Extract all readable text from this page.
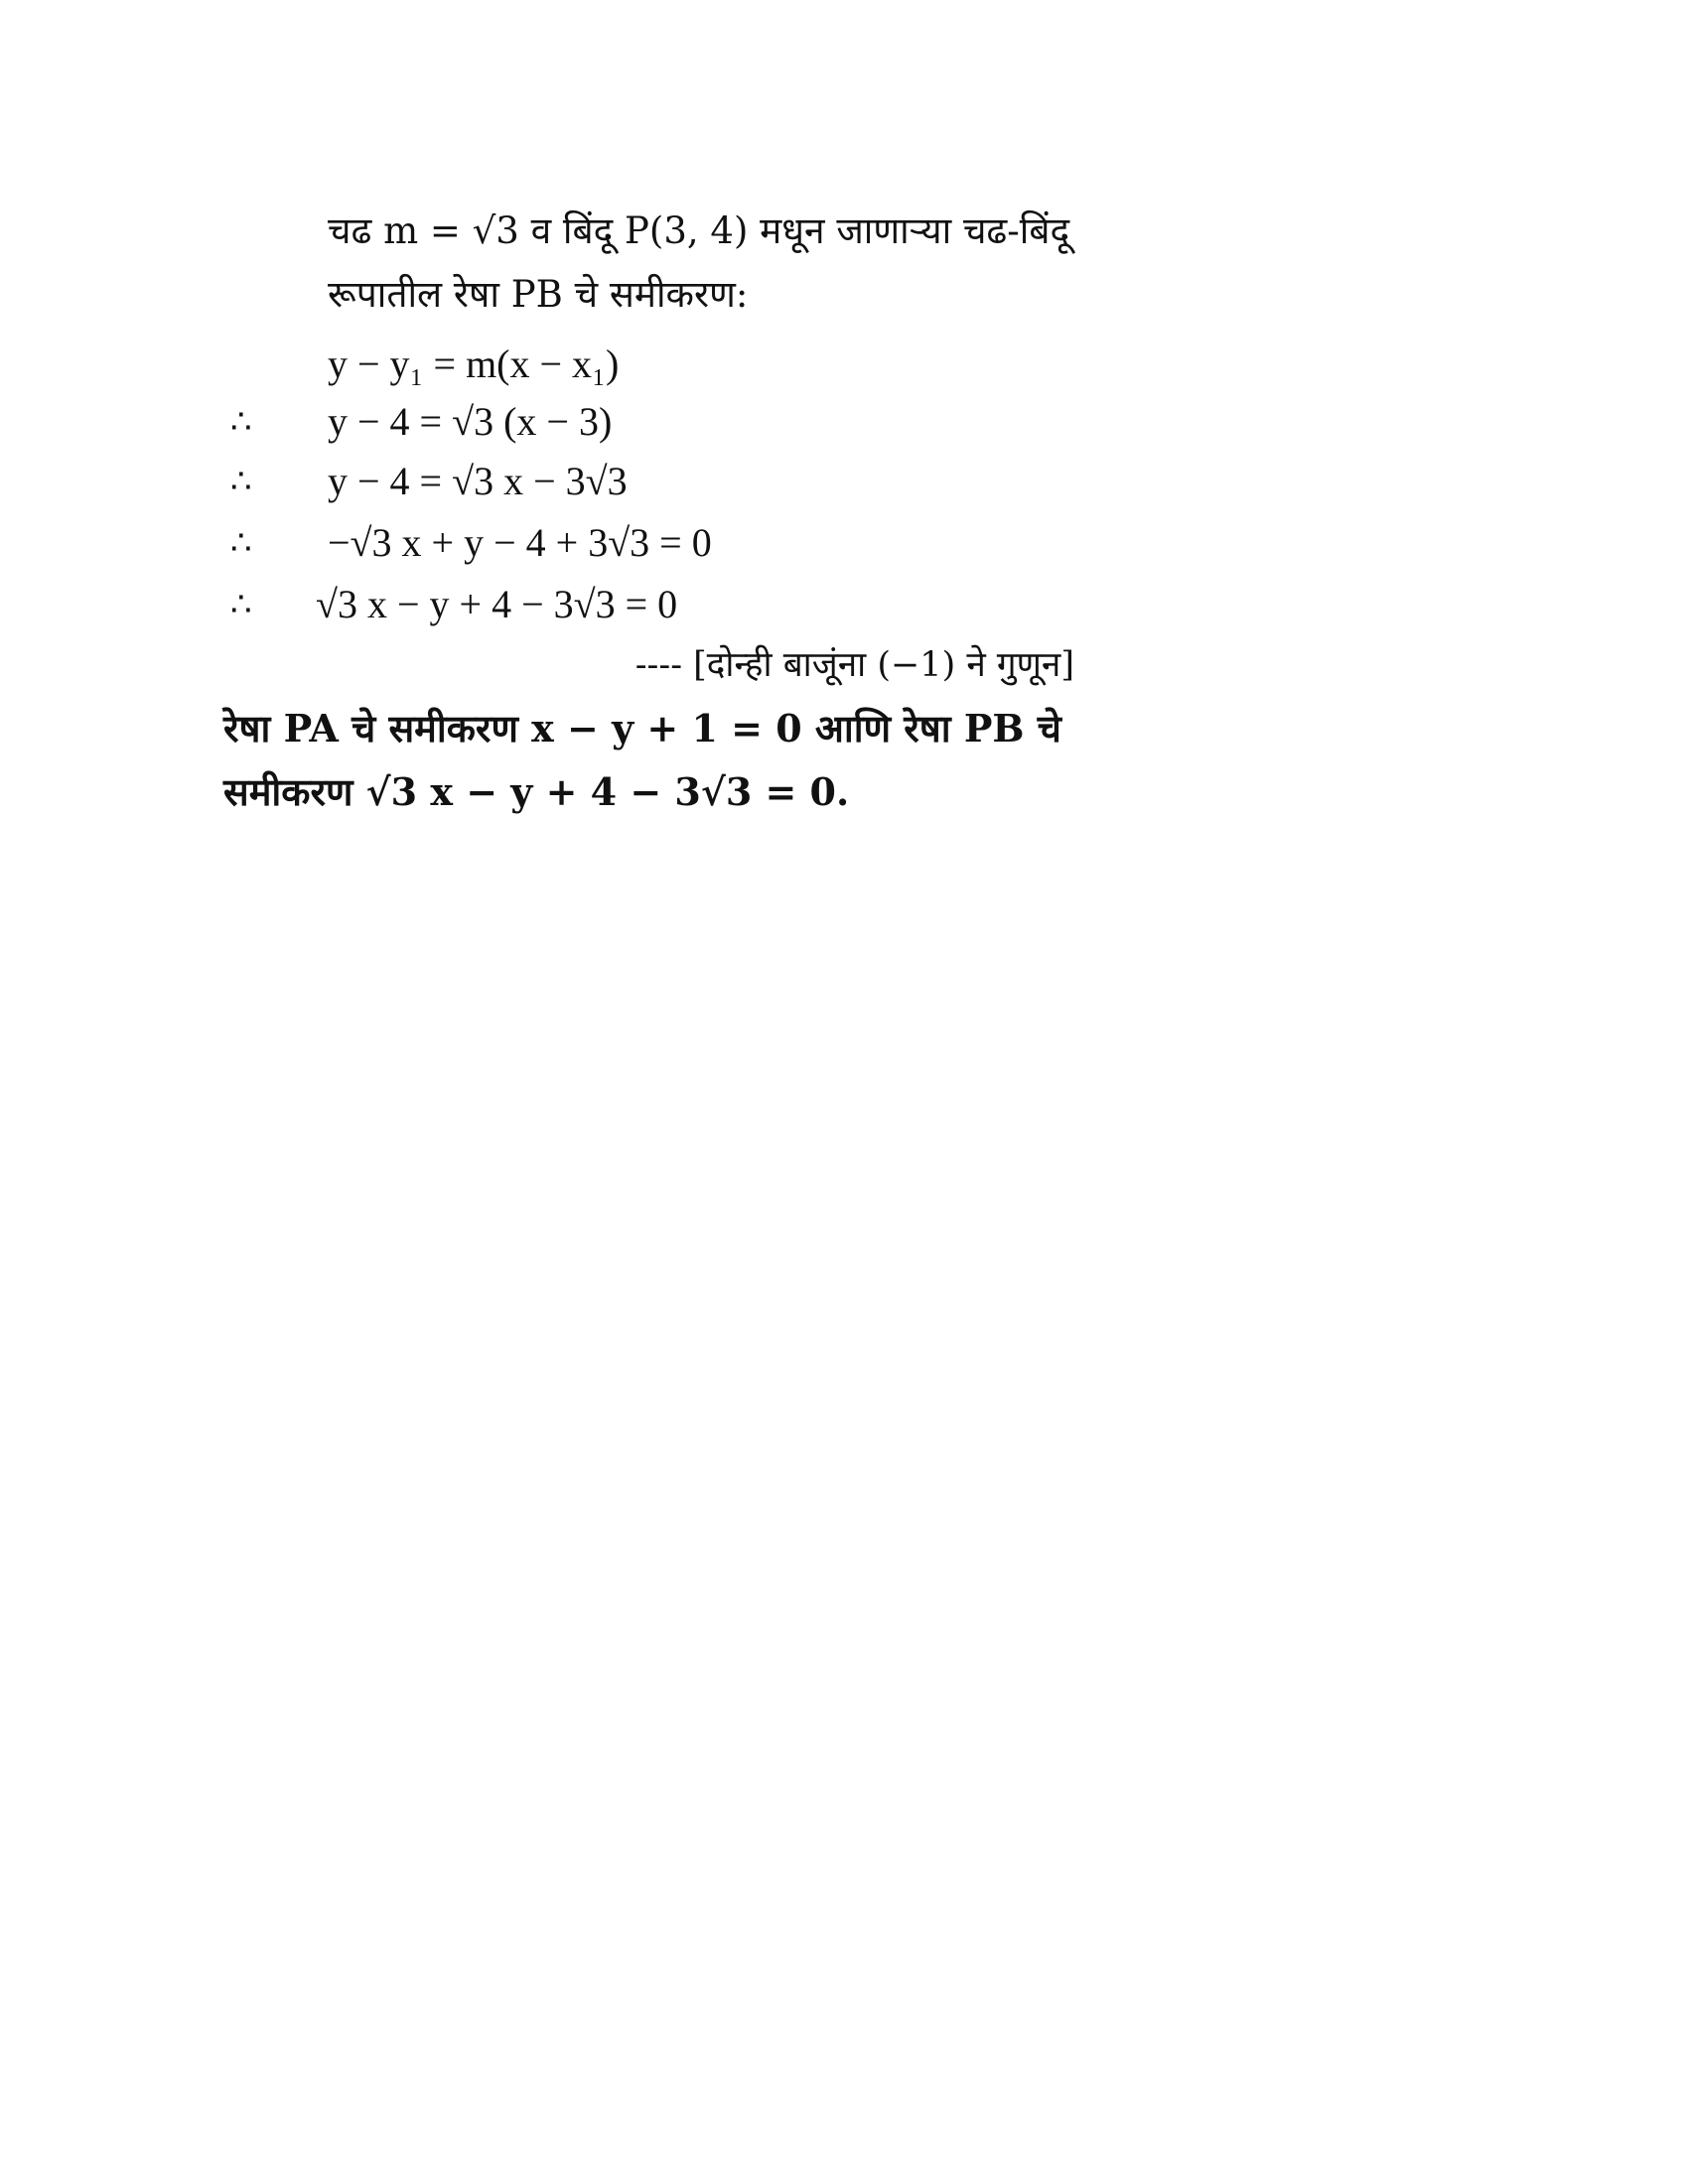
चढ m = √3 व बिंदू P(3, 4) मधून जाणाऱ्या चढ-बिंदू
रूपातील रेषा PB चे समीकरण:
y − y₁ = m(x − x₁)
∴ y − 4 = √3 (x − 3)
∴ y − 4 = √3 x − 3√3
∴ −√3 x + y − 4 + 3√3 = 0
∴ √3 x − y + 4 − 3√3 = 0
---- [दोन्ही बाजूंना (−1) ने गुणून]
रेषा PA चे समीकरण x − y + 1 = 0 आणि रेषा PB चे
समीकरण √3 x − y + 4 − 3√3 = 0.
